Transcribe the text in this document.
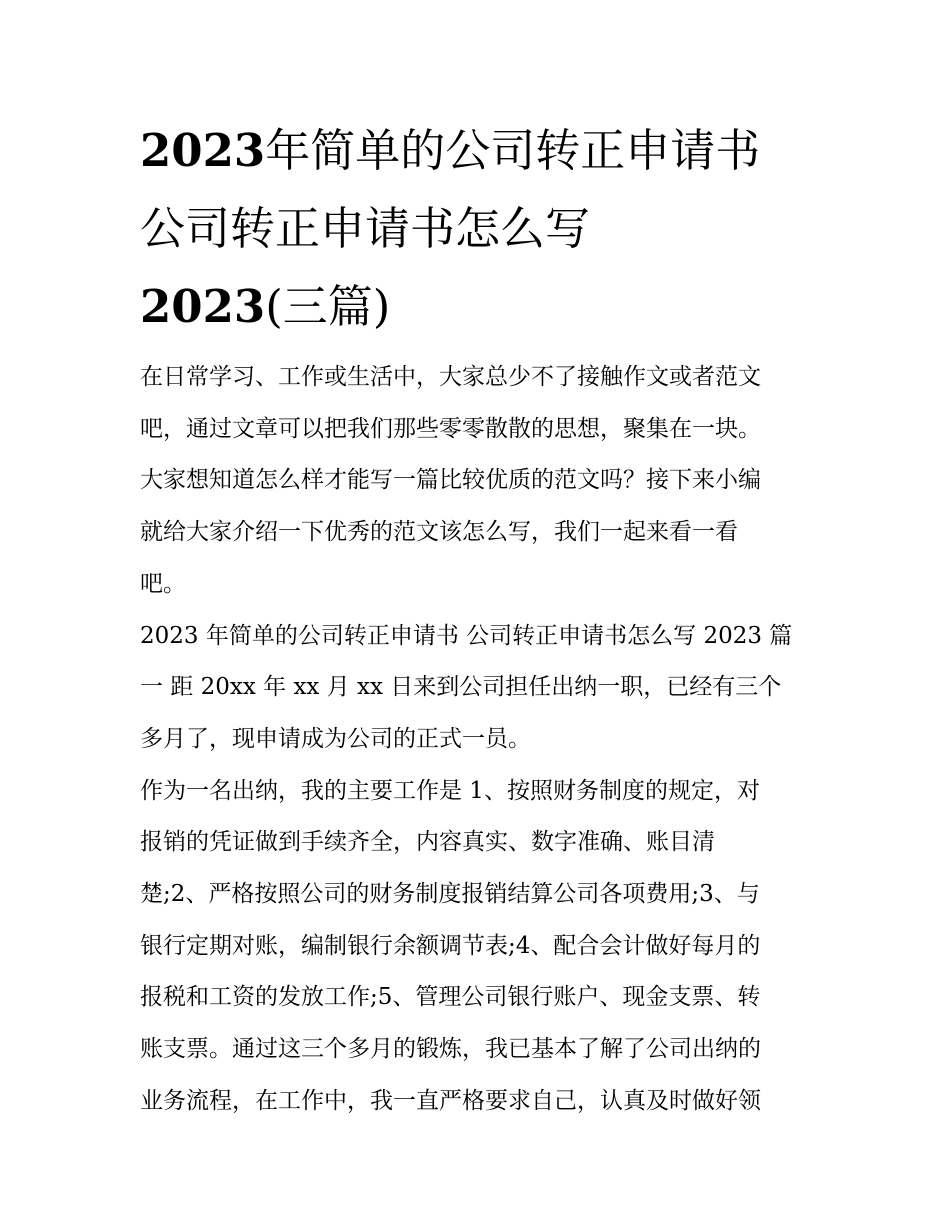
2023年简单的公司转正申请书
公司转正申请书怎么写
2023(三篇)
在日常学习、工作或生活中，大家总少不了接触作文或者范文
吧，通过文章可以把我们那些零零散散的思想，聚集在一块。
大家想知道怎么样才能写一篇比较优质的范文吗？接下来小编
就给大家介绍一下优秀的范文该怎么写，我们一起来看一看
吧。
2023 年简单的公司转正申请书 公司转正申请书怎么写 2023 篇
一 距 20xx 年 xx 月 xx 日来到公司担任出纳一职，已经有三个
多月了，现申请成为公司的正式一员。
作为一名出纳，我的主要工作是 1、按照财务制度的规定，对
报销的凭证做到手续齐全，内容真实、数字准确、账目清
楚;2、严格按照公司的财务制度报销结算公司各项费用;3、与
银行定期对账，编制银行余额调节表;4、配合会计做好每月的
报税和工资的发放工作;5、管理公司银行账户、现金支票、转
账支票。通过这三个多月的锻炼，我已基本了解了公司出纳的
业务流程，在工作中，我一直严格要求自己，认真及时做好领
